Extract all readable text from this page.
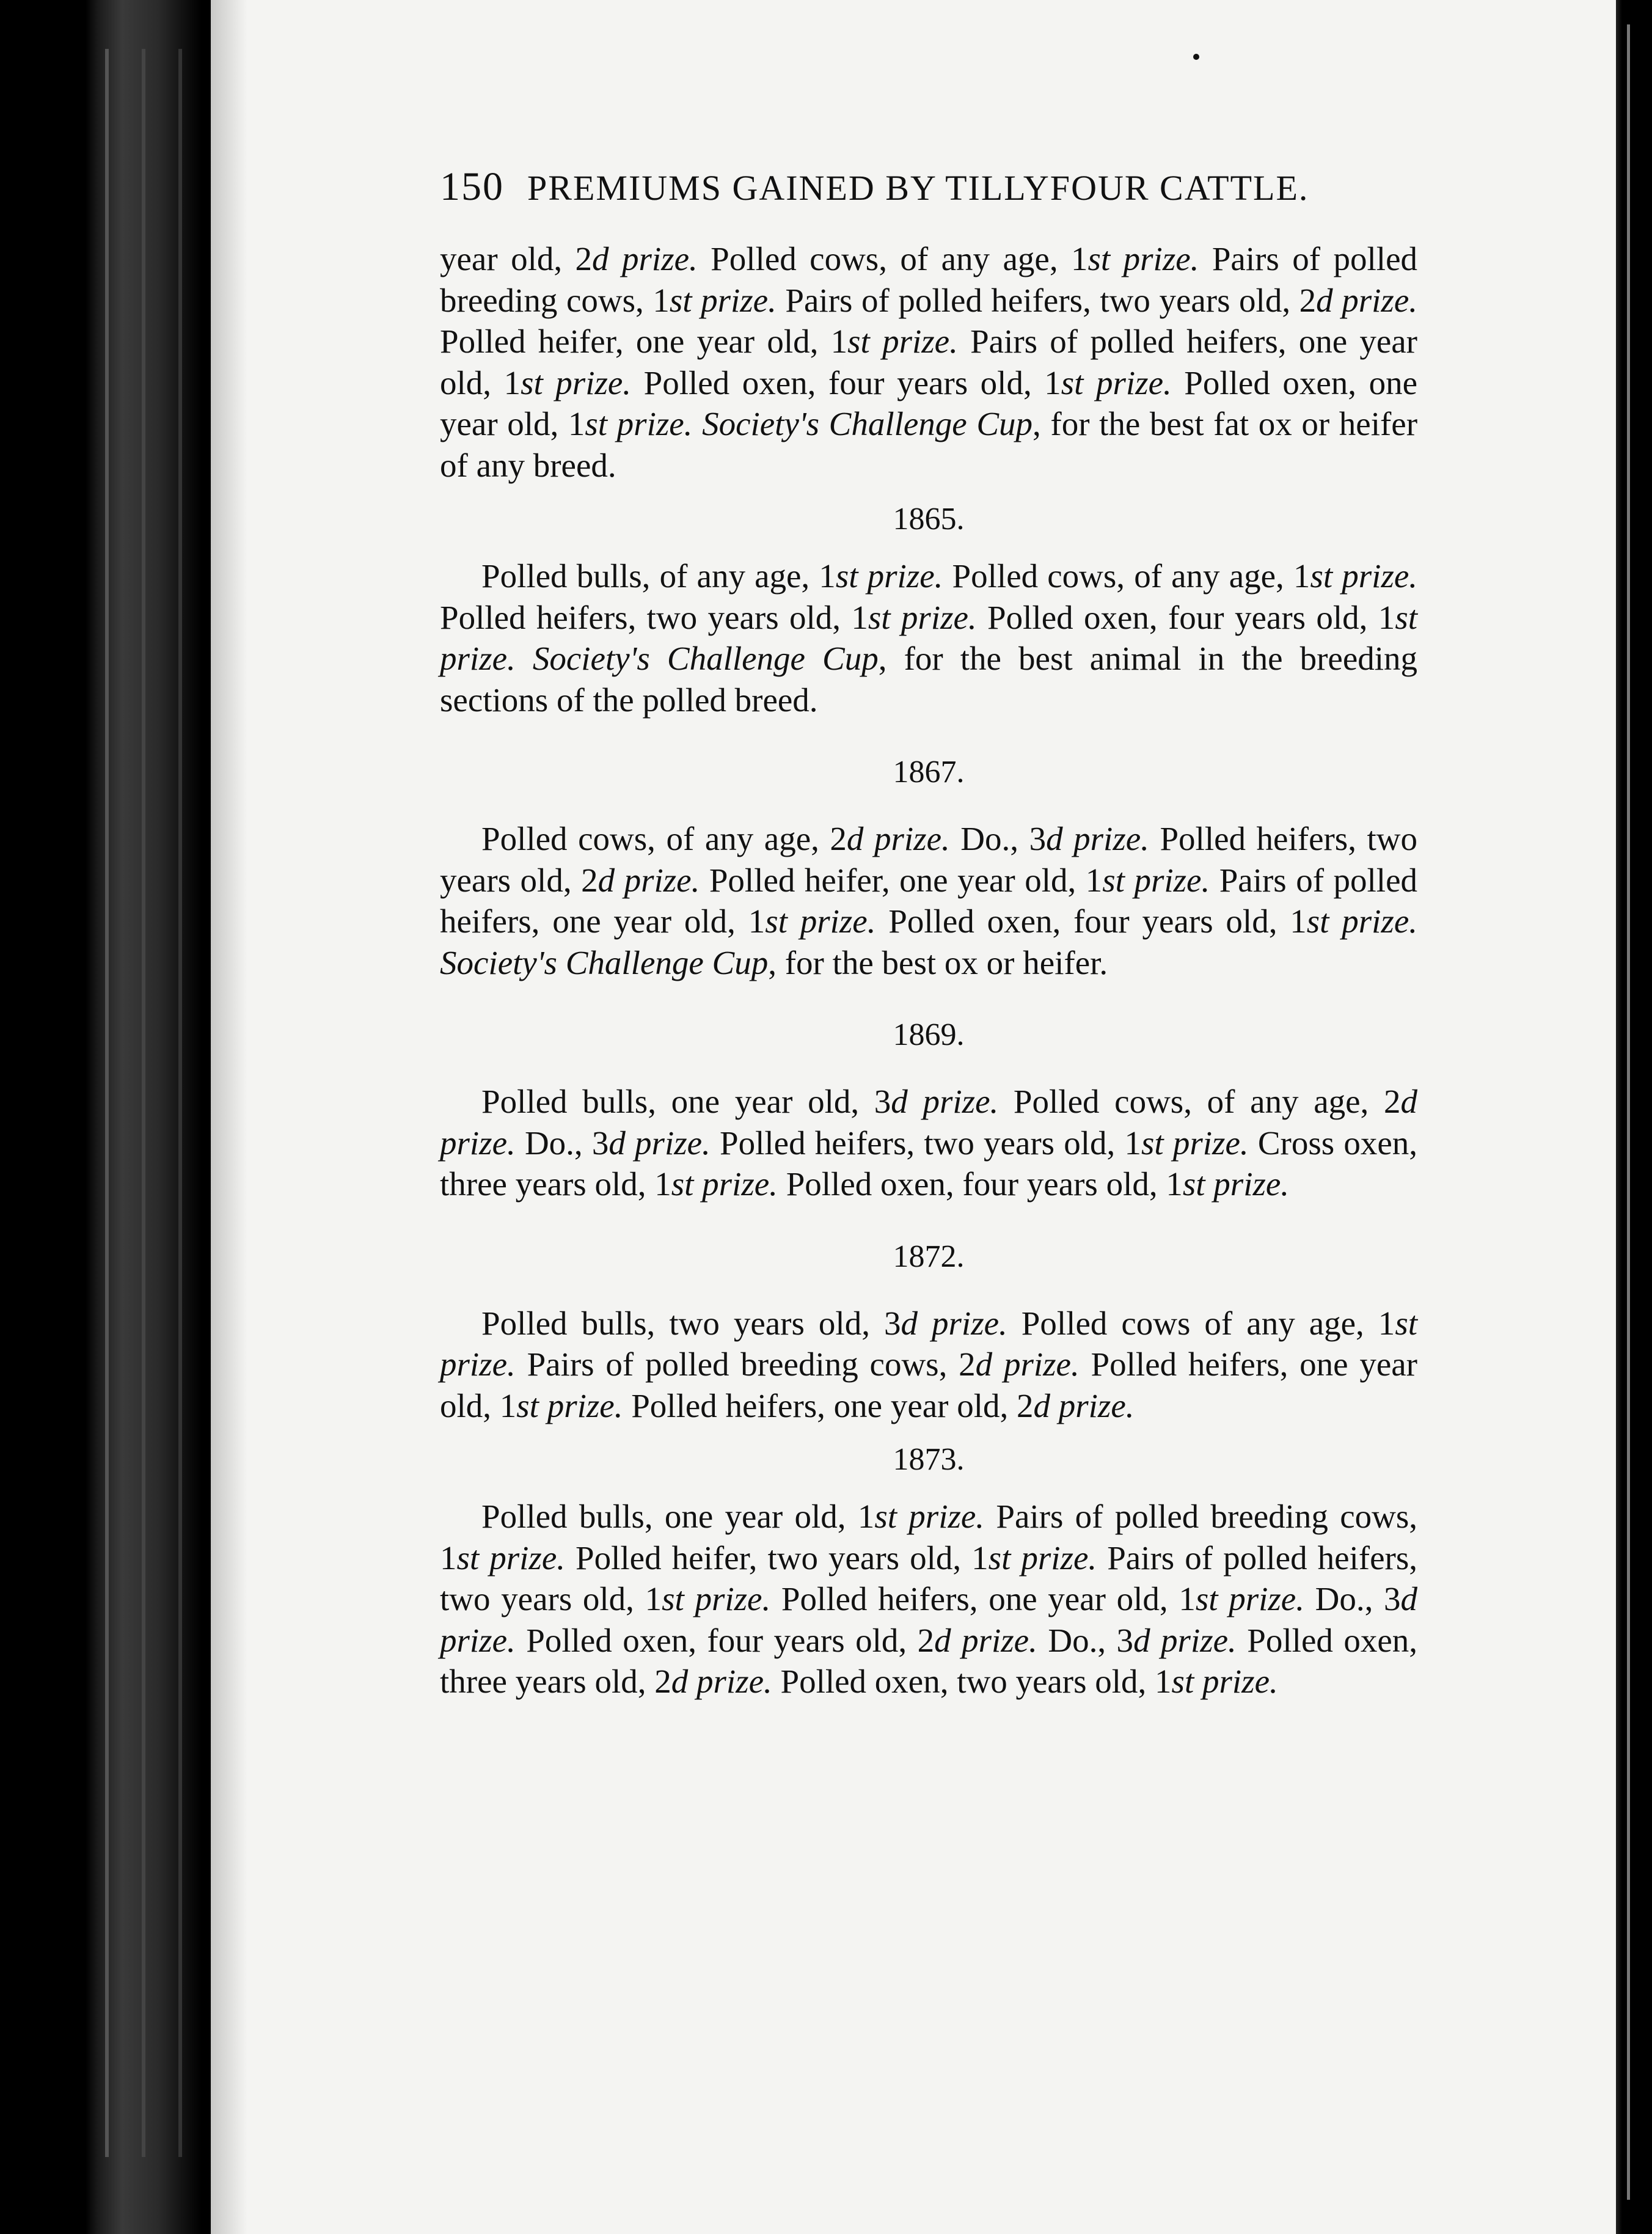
150 PREMIUMS GAINED BY TILLYFOUR CATTLE.

year old, 2d prize. Polled cows, of any age, 1st prize. Pairs of polled breeding cows, 1st prize. Pairs of polled heifers, two years old, 2d prize. Polled heifer, one year old, 1st prize. Pairs of polled heifers, one year old, 1st prize. Polled oxen, four years old, 1st prize. Polled oxen, one year old, 1st prize. Society's Challenge Cup, for the best fat ox or heifer of any breed.

1865.

Polled bulls, of any age, 1st prize. Polled cows, of any age, 1st prize. Polled heifers, two years old, 1st prize. Polled oxen, four years old, 1st prize. Society's Challenge Cup, for the best animal in the breeding sections of the polled breed.

1867.

Polled cows, of any age, 2d prize. Do., 3d prize. Polled heifers, two years old, 2d prize. Polled heifer, one year old, 1st prize. Pairs of polled heifers, one year old, 1st prize. Polled oxen, four years old, 1st prize. Society's Challenge Cup, for the best ox or heifer.

1869.

Polled bulls, one year old, 3d prize. Polled cows, of any age, 2d prize. Do., 3d prize. Polled heifers, two years old, 1st prize. Cross oxen, three years old, 1st prize. Polled oxen, four years old, 1st prize.

1872.

Polled bulls, two years old, 3d prize. Polled cows of any age, 1st prize. Pairs of polled breeding cows, 2d prize. Polled heifers, one year old, 1st prize. Polled heifers, one year old, 2d prize.

1873.

Polled bulls, one year old, 1st prize. Pairs of polled breeding cows, 1st prize. Polled heifer, two years old, 1st prize. Pairs of polled heifers, two years old, 1st prize. Polled heifers, one year old, 1st prize. Do., 3d prize. Polled oxen, four years old, 2d prize. Do., 3d prize. Polled oxen, three years old, 2d prize. Polled oxen, two years old, 1st prize.
